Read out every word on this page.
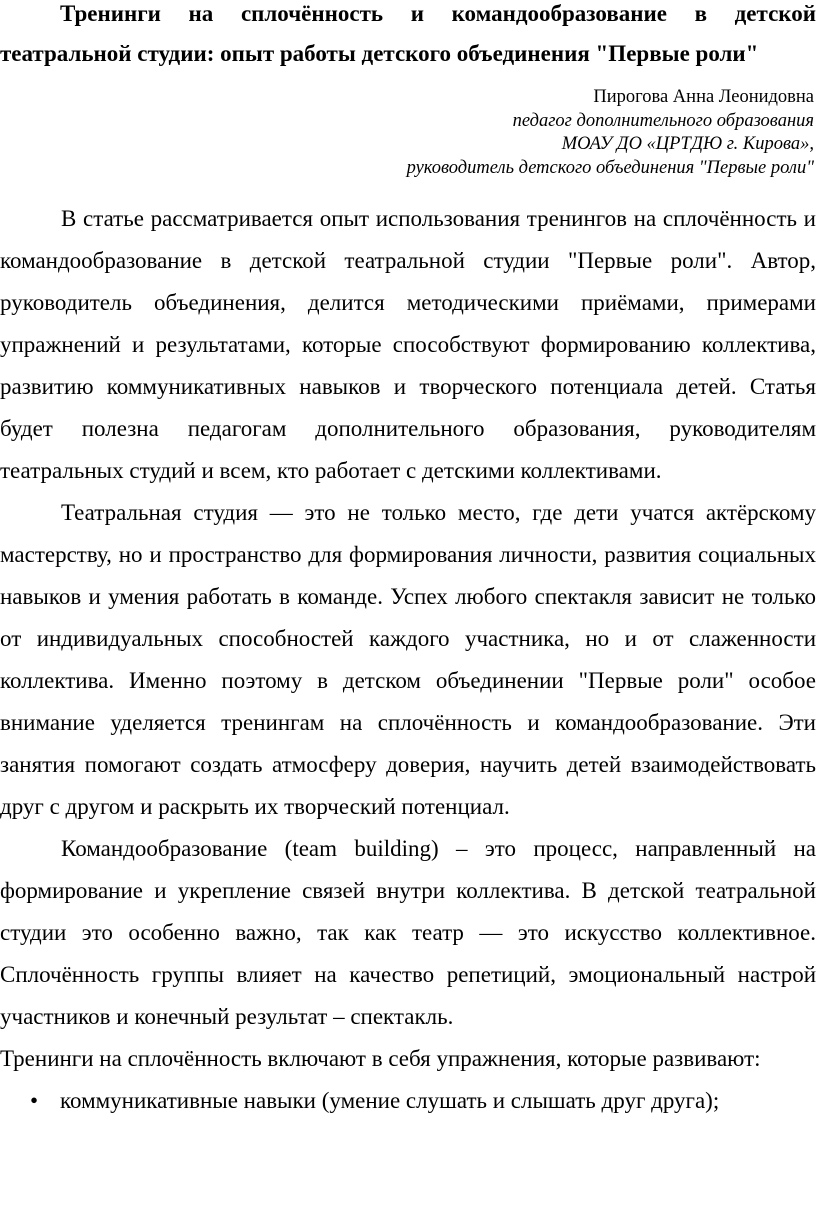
Тренинги на сплочённость и командообразование в детской

театральной студии: опыт работы детского объединения "Первые роли"

Пирогова Анна Леонидовна
педагог дополнительного образования
МОАУ ДО «ЦРТДЮ г. Кирова»,
руководитель детского объединения "Первые роли"

В статье рассматривается опыт использования тренингов на сплочённость и командообразование в детской театральной студии "Первые роли". Автор, руководитель объединения, делится методическими приёмами, примерами упражнений и результатами, которые способствуют формированию коллектива, развитию коммуникативных навыков и творческого потенциала детей. Статья будет полезна педагогам дополнительного образования, руководителям театральных студий и всем, кто работает с детскими коллективами.

Театральная студия — это не только место, где дети учатся актёрскому мастерству, но и пространство для формирования личности, развития социальных навыков и умения работать в команде. Успех любого спектакля зависит не только от индивидуальных способностей каждого участника, но и от слаженности коллектива. Именно поэтому в детском объединении "Первые роли" особое внимание уделяется тренингам на сплочённость и командообразование. Эти занятия помогают создать атмосферу доверия, научить детей взаимодействовать друг с другом и раскрыть их творческий потенциал.

Командообразование (team building) – это процесс, направленный на формирование и укрепление связей внутри коллектива. В детской театральной студии это особенно важно, так как театр — это искусство коллективное. Сплочённость группы влияет на качество репетиций, эмоциональный настрой участников и конечный результат – спектакль.

Тренинги на сплочённость включают в себя упражнения, которые развивают:

• коммуникативные навыки (умение слушать и слышать друг друга);
